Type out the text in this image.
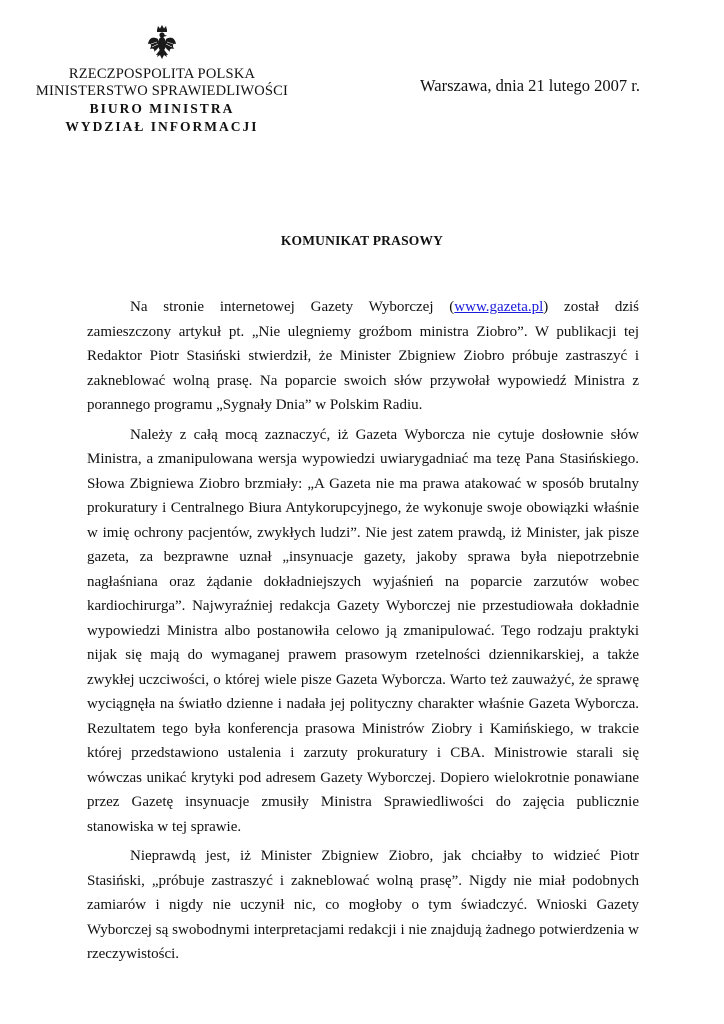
RZECZPOSPOLITA POLSKA
MINISTERSTWO SPRAWIEDLIWOŚCI
BIURO MINISTRA
WYDZIAŁ INFORMACJI
Warszawa, dnia 21 lutego 2007 r.
KOMUNIKAT PRASOWY

Na stronie internetowej Gazety Wyborczej (www.gazeta.pl) został dziś zamieszczony artykuł pt. „Nie ulegniemy groźbom ministra Ziobro”. W publikacji tej Redaktor Piotr Stasiński stwierdził, że Minister Zbigniew Ziobro próbuje zastraszyć i zakneblować wolną prasę. Na poparcie swoich słów przywołał wypowiedź Ministra z porannego programu „Sygnały Dnia” w Polskim Radiu.

Należy z całą mocą zaznaczyć, iż Gazeta Wyborcza nie cytuje dosłownie słów Ministra, a zmanipulowana wersja wypowiedzi uwiarygadniać ma tezę Pana Stasińskiego. Słowa Zbigniewa Ziobro brzmiały: „A Gazeta nie ma prawa atakować w sposób brutalny prokuratury i Centralnego Biura Antykorupcyjnego, że wykonuje swoje obowiązki właśnie w imię ochrony pacjentów, zwykłych ludzi”. Nie jest zatem prawdą, iż Minister, jak pisze gazeta, za bezprawne uznał „insynuacje gazety, jakoby sprawa była niepotrzebnie nagłaśniana oraz żądanie dokładniejszych wyjaśnień na poparcie zarzutów wobec kardiochirurga”. Najwyraźniej redakcja Gazety Wyborczej nie przestudiowała dokładnie wypowiedzi Ministra albo postanowiła celowo ją zmanipulować. Tego rodzaju praktyki nijak się mają do wymaganej prawem prasowym rzetelności dziennikarskiej, a także zwykłej uczciwości, o której wiele pisze Gazeta Wyborcza. Warto też zauważyć, że sprawę wyciągnęła na światło dzienne i nadała jej polityczny charakter właśnie Gazeta Wyborcza. Rezultatem tego była konferencja prasowa Ministrów Ziobry i Kamińskiego, w trakcie której przedstawiono ustalenia i zarzuty prokuratury i CBA. Ministrowie starali się wówczas unikać krytyki pod adresem Gazety Wyborczej. Dopiero wielokrotnie ponawiane przez Gazetę insynuacje zmusiły Ministra Sprawiedliwości do zajęcia publicznie stanowiska w tej sprawie.

Nieprawdą jest, iż Minister Zbigniew Ziobro, jak chciałby to widzieć Piotr Stasiński, „próbuje zastraszyć i zakneblować wolną prasę”. Nigdy nie miał podobnych zamiarów i nigdy nie uczynił nic, co mogłoby o tym świadczyć. Wnioski Gazety Wyborczej są swobodnymi interpretacjami redakcji i nie znajdują żadnego potwierdzenia w rzeczywistości.
